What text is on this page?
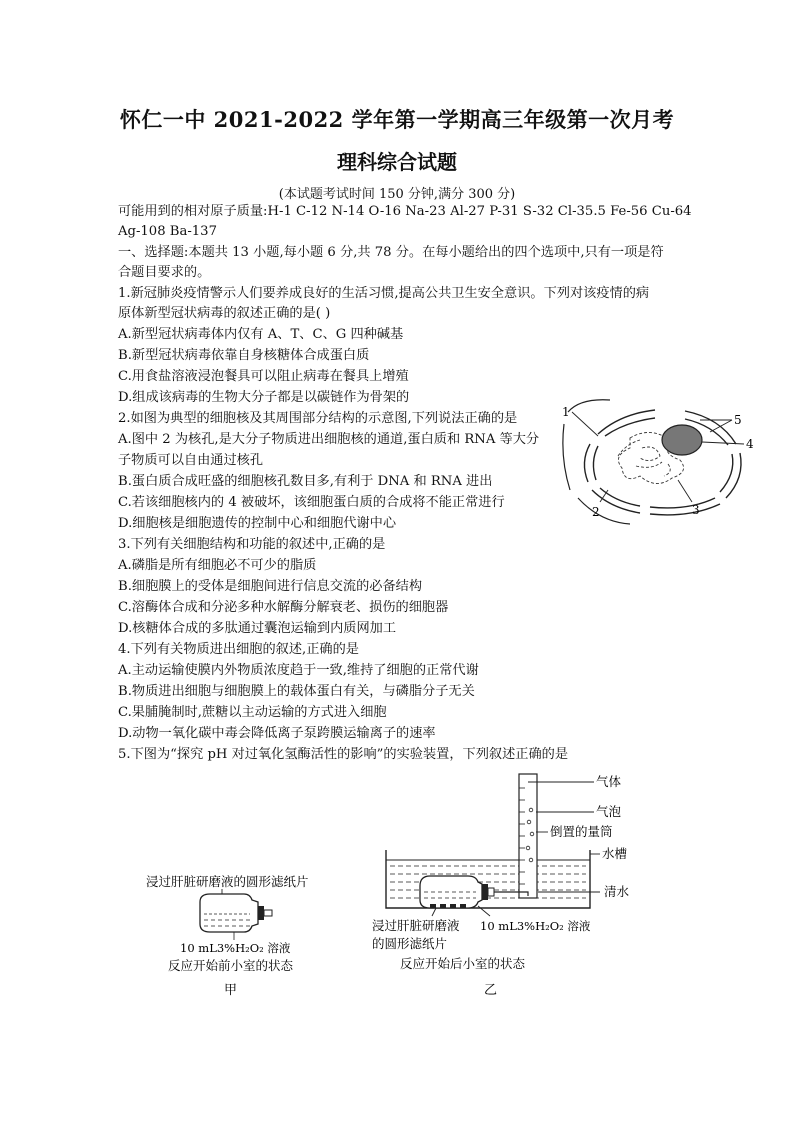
怀仁一中 2021-2022 学年第一学期高三年级第一次月考
理科综合试题
(本试题考试时间 150 分钟,满分 300 分)
可能用到的相对原子质量:H-1 C-12 N-14 O-16 Na-23 Al-27 P-31 S-32 Cl-35.5 Fe-56 Cu-64
Ag-108 Ba-137
一、选择题:本题共 13 小题,每小题 6 分,共 78 分。在每小题给出的四个选项中,只有一项是符
合题目要求的。
1.新冠肺炎疫情警示人们要养成良好的生活习惯,提高公共卫生安全意识。下列对该疫情的病
原体新型冠状病毒的叙述正确的是( )
A.新型冠状病毒体内仅有 A、T、C、G 四种碱基
B.新型冠状病毒依靠自身核糖体合成蛋白质
C.用食盐溶液浸泡餐具可以阻止病毒在餐具上增殖
D.组成该病毒的生物大分子都是以碳链作为骨架的
2.如图为典型的细胞核及其周围部分结构的示意图,下列说法正确的是
A.图中 2 为核孔,是大分子物质进出细胞核的通道,蛋白质和 RNA 等大分
子物质可以自由通过核孔
B.蛋白质合成旺盛的细胞核孔数目多,有利于 DNA 和 RNA 进出
C.若该细胞核内的 4 被破坏，该细胞蛋白质的合成将不能正常进行
D.细胞核是细胞遗传的控制中心和细胞代谢中心
3.下列有关细胞结构和功能的叙述中,正确的是
A.磷脂是所有细胞必不可少的脂质
B.细胞膜上的受体是细胞间进行信息交流的必备结构
C.溶酶体合成和分泌多种水解酶分解衰老、损伤的细胞器
D.核糖体合成的多肽通过囊泡运输到内质网加工
4.下列有关物质进出细胞的叙述,正确的是
A.主动运输使膜内外物质浓度趋于一致,维持了细胞的正常代谢
B.物质进出细胞与细胞膜上的载体蛋白有关，与磷脂分子无关
C.果脯腌制时,蔗糖以主动运输的方式进入细胞
D.动物一氧化碳中毒会降低离子泵跨膜运输离子的速率
5.下图为“探究 pH 对过氧化氢酶活性的影响”的实验装置，下列叙述正确的是
1
2	3
4
5
浸过肝脏研磨液的圆形滤纸片
10 mL3%H₂O₂ 溶液
反应开始前小室的状态
甲
气体
气泡
倒置的量筒
水槽
清水
浸过肝脏研磨液
的圆形滤纸片
10 mL3%H₂O₂ 溶液
反应开始后小室的状态
乙
